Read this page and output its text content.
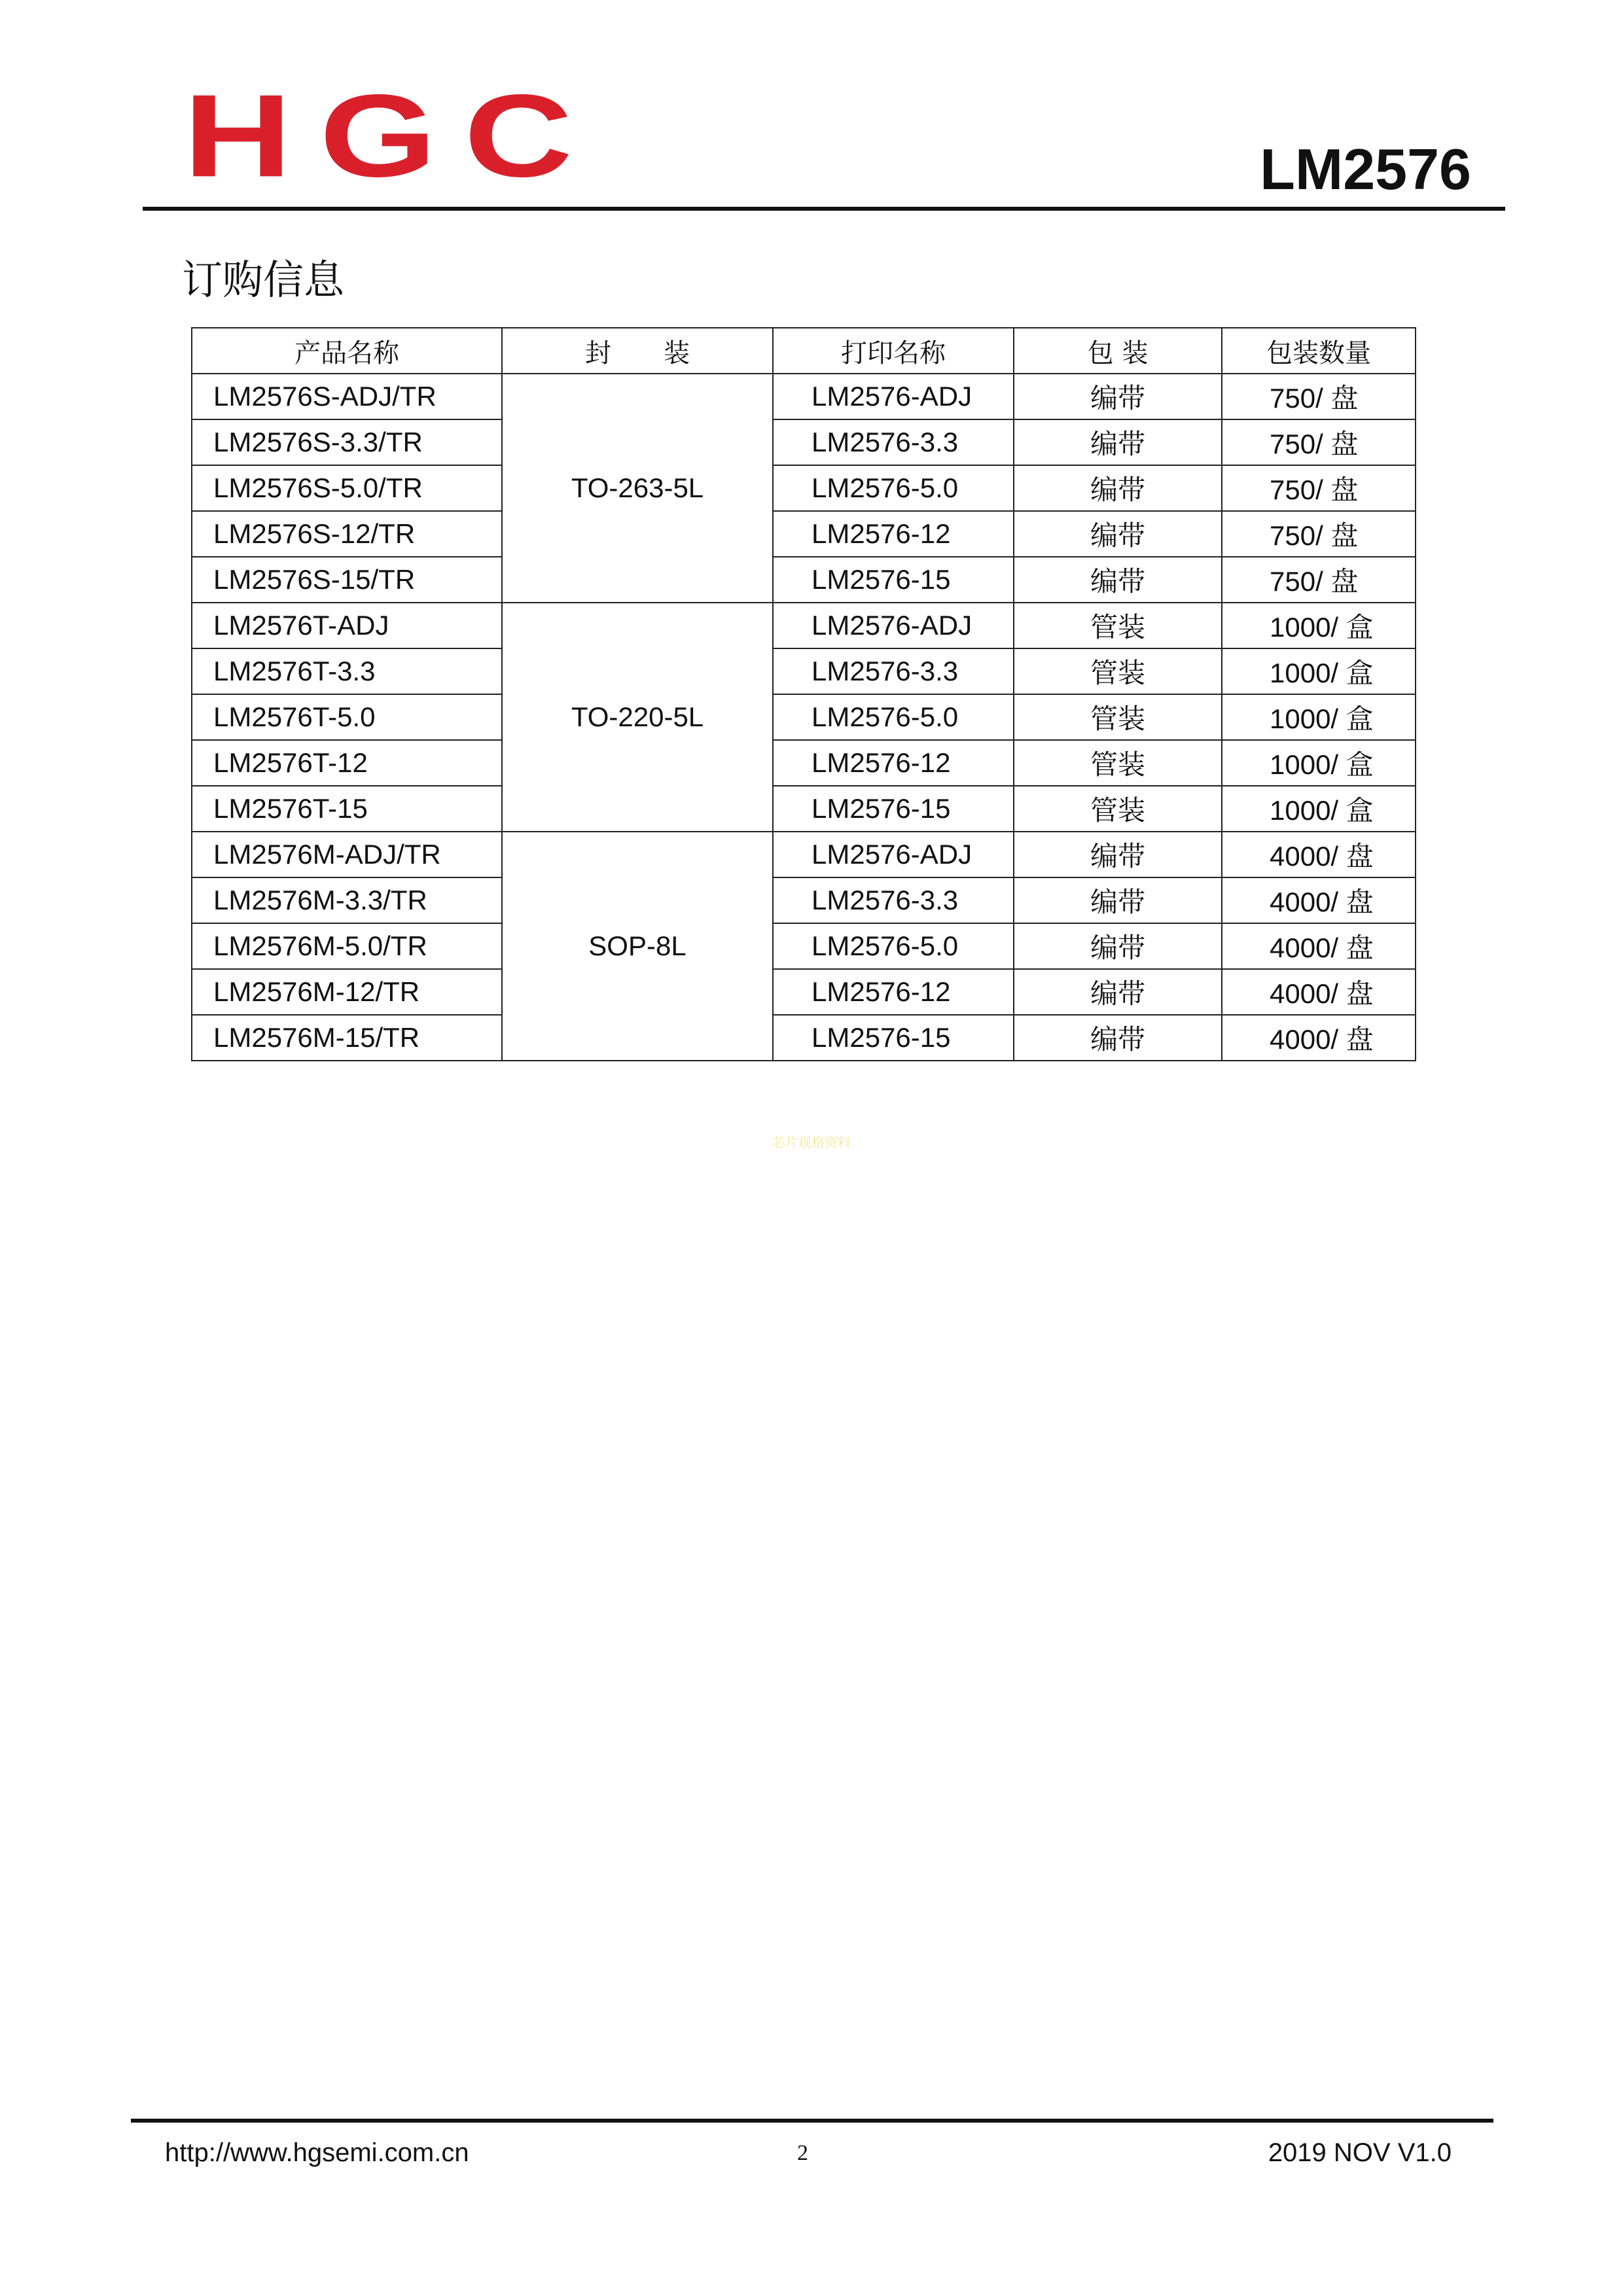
HGC	LM2576
订购信息
产品名称	封　　装	打印名称	包 装	包装数量
LM2576S-ADJ/TR	TO-263-5L	LM2576-ADJ	编带	750/ 盘
LM2576S-3.3/TR		LM2576-3.3	编带	750/ 盘
LM2576S-5.0/TR		LM2576-5.0	编带	750/ 盘
LM2576S-12/TR		LM2576-12	编带	750/ 盘
LM2576S-15/TR		LM2576-15	编带	750/ 盘
LM2576T-ADJ	TO-220-5L	LM2576-ADJ	管装	1000/ 盒
LM2576T-3.3		LM2576-3.3	管装	1000/ 盒
LM2576T-5.0		LM2576-5.0	管装	1000/ 盒
LM2576T-12		LM2576-12	管装	1000/ 盒
LM2576T-15		LM2576-15	管装	1000/ 盒
LM2576M-ADJ/TR	SOP-8L	LM2576-ADJ	编带	4000/ 盘
LM2576M-3.3/TR		LM2576-3.3	编带	4000/ 盘
LM2576M-5.0/TR		LM2576-5.0	编带	4000/ 盘
LM2576M-12/TR		LM2576-12	编带	4000/ 盘
LM2576M-15/TR		LM2576-15	编带	4000/ 盘
芯片规格资料
http://www.hgsemi.com.cn	2	2019 NOV V1.0
